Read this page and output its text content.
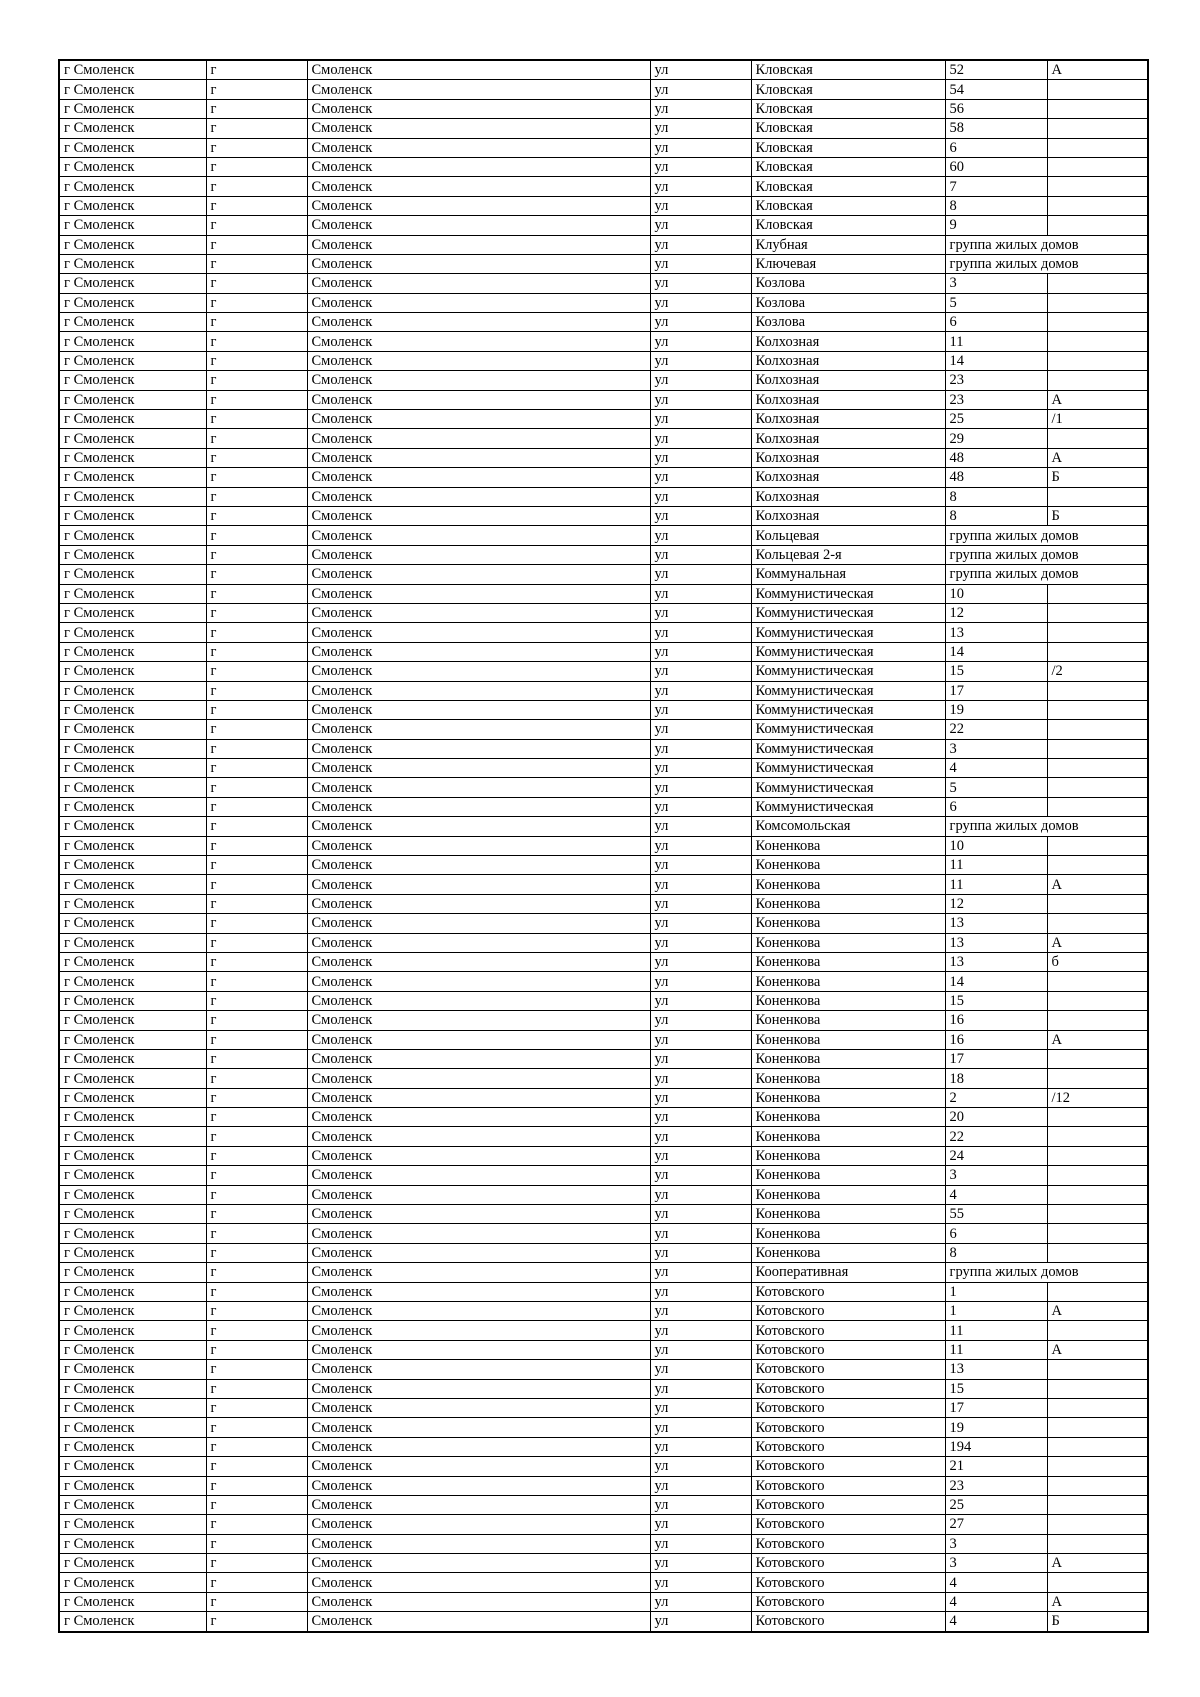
г Смоленск	г	Смоленск	ул	Кловская	52	А
г Смоленск	г	Смоленск	ул	Кловская	54	
г Смоленск	г	Смоленск	ул	Кловская	56	
г Смоленск	г	Смоленск	ул	Кловская	58	
г Смоленск	г	Смоленск	ул	Кловская	6	
г Смоленск	г	Смоленск	ул	Кловская	60	
г Смоленск	г	Смоленск	ул	Кловская	7	
г Смоленск	г	Смоленск	ул	Кловская	8	
г Смоленск	г	Смоленск	ул	Кловская	9	
г Смоленск	г	Смоленск	ул	Клубная	группа жилых домов	
г Смоленск	г	Смоленск	ул	Ключевая	группа жилых домов	
г Смоленск	г	Смоленск	ул	Козлова	3	
г Смоленск	г	Смоленск	ул	Козлова	5	
г Смоленск	г	Смоленск	ул	Козлова	6	
г Смоленск	г	Смоленск	ул	Колхозная	11	
г Смоленск	г	Смоленск	ул	Колхозная	14	
г Смоленск	г	Смоленск	ул	Колхозная	23	
г Смоленск	г	Смоленск	ул	Колхозная	23	А
г Смоленск	г	Смоленск	ул	Колхозная	25	/1
г Смоленск	г	Смоленск	ул	Колхозная	29	
г Смоленск	г	Смоленск	ул	Колхозная	48	А
г Смоленск	г	Смоленск	ул	Колхозная	48	Б
г Смоленск	г	Смоленск	ул	Колхозная	8	
г Смоленск	г	Смоленск	ул	Колхозная	8	Б
г Смоленск	г	Смоленск	ул	Кольцевая	группа жилых домов	
г Смоленск	г	Смоленск	ул	Кольцевая 2-я	группа жилых домов	
г Смоленск	г	Смоленск	ул	Коммунальная	группа жилых домов	
г Смоленск	г	Смоленск	ул	Коммунистическая	10	
г Смоленск	г	Смоленск	ул	Коммунистическая	12	
г Смоленск	г	Смоленск	ул	Коммунистическая	13	
г Смоленск	г	Смоленск	ул	Коммунистическая	14	
г Смоленск	г	Смоленск	ул	Коммунистическая	15	/2
г Смоленск	г	Смоленск	ул	Коммунистическая	17	
г Смоленск	г	Смоленск	ул	Коммунистическая	19	
г Смоленск	г	Смоленск	ул	Коммунистическая	22	
г Смоленск	г	Смоленск	ул	Коммунистическая	3	
г Смоленск	г	Смоленск	ул	Коммунистическая	4	
г Смоленск	г	Смоленск	ул	Коммунистическая	5	
г Смоленск	г	Смоленск	ул	Коммунистическая	6	
г Смоленск	г	Смоленск	ул	Комсомольская	группа жилых домов	
г Смоленск	г	Смоленск	ул	Коненкова	10	
г Смоленск	г	Смоленск	ул	Коненкова	11	
г Смоленск	г	Смоленск	ул	Коненкова	11	А
г Смоленск	г	Смоленск	ул	Коненкова	12	
г Смоленск	г	Смоленск	ул	Коненкова	13	
г Смоленск	г	Смоленск	ул	Коненкова	13	А
г Смоленск	г	Смоленск	ул	Коненкова	13	б
г Смоленск	г	Смоленск	ул	Коненкова	14	
г Смоленск	г	Смоленск	ул	Коненкова	15	
г Смоленск	г	Смоленск	ул	Коненкова	16	
г Смоленск	г	Смоленск	ул	Коненкова	16	А
г Смоленск	г	Смоленск	ул	Коненкова	17	
г Смоленск	г	Смоленск	ул	Коненкова	18	
г Смоленск	г	Смоленск	ул	Коненкова	2	/12
г Смоленск	г	Смоленск	ул	Коненкова	20	
г Смоленск	г	Смоленск	ул	Коненкова	22	
г Смоленск	г	Смоленск	ул	Коненкова	24	
г Смоленск	г	Смоленск	ул	Коненкова	3	
г Смоленск	г	Смоленск	ул	Коненкова	4	
г Смоленск	г	Смоленск	ул	Коненкова	55	
г Смоленск	г	Смоленск	ул	Коненкова	6	
г Смоленск	г	Смоленск	ул	Коненкова	8	
г Смоленск	г	Смоленск	ул	Кооперативная	группа жилых домов	
г Смоленск	г	Смоленск	ул	Котовского	1	
г Смоленск	г	Смоленск	ул	Котовского	1	А
г Смоленск	г	Смоленск	ул	Котовского	11	
г Смоленск	г	Смоленск	ул	Котовского	11	А
г Смоленск	г	Смоленск	ул	Котовского	13	
г Смоленск	г	Смоленск	ул	Котовского	15	
г Смоленск	г	Смоленск	ул	Котовского	17	
г Смоленск	г	Смоленск	ул	Котовского	19	
г Смоленск	г	Смоленск	ул	Котовского	194	
г Смоленск	г	Смоленск	ул	Котовского	21	
г Смоленск	г	Смоленск	ул	Котовского	23	
г Смоленск	г	Смоленск	ул	Котовского	25	
г Смоленск	г	Смоленск	ул	Котовского	27	
г Смоленск	г	Смоленск	ул	Котовского	3	
г Смоленск	г	Смоленск	ул	Котовского	3	А
г Смоленск	г	Смоленск	ул	Котовского	4	
г Смоленск	г	Смоленск	ул	Котовского	4	А
г Смоленск	г	Смоленск	ул	Котовского	4	Б
